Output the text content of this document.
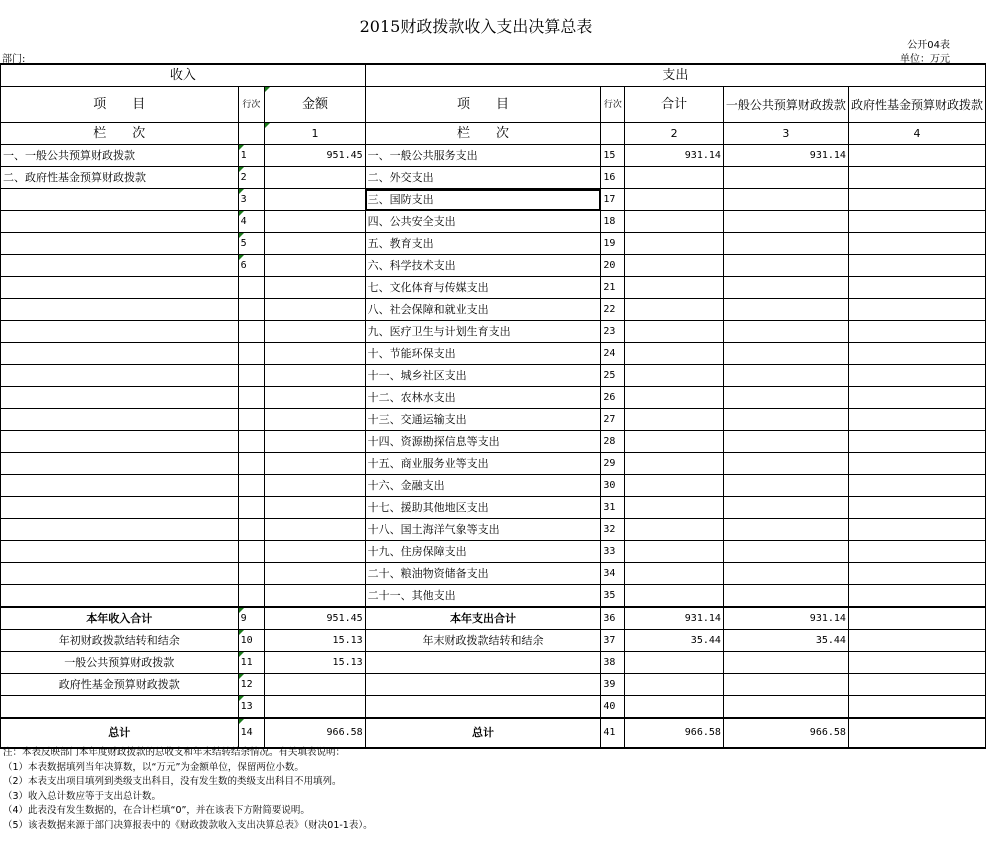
2015财政拨款收入支出决算总表
公开04表
部门:	单位：万元
收入			支出				
项　　目	行次	金额	项　　目	行次	合计	一般公共预算财政拨款	政府性基金预算财政拨款
栏　　次		1	栏　　次		2	3	4
一、一般公共预算财政拨款	1	951.45	一、一般公共服务支出	15	931.14	931.14	
二、政府性基金预算财政拨款	2		二、外交支出	16			
	3		三、国防支出	17			
	4		四、公共安全支出	18			
	5		五、教育支出	19			
	6		六、科学技术支出	20			
			七、文化体育与传媒支出	21			
			八、社会保障和就业支出	22			
			九、医疗卫生与计划生育支出	23			
			十、节能环保支出	24			
			十一、城乡社区支出	25			
			十二、农林水支出	26			
			十三、交通运输支出	27			
			十四、资源勘探信息等支出	28			
			十五、商业服务业等支出	29			
			十六、金融支出	30			
			十七、援助其他地区支出	31			
			十八、国土海洋气象等支出	32			
			十九、住房保障支出	33			
			二十、粮油物资储备支出	34			
			二十一、其他支出	35			
本年收入合计	9	951.45	本年支出合计	36	931.14	931.14	
年初财政拨款结转和结余	10	15.13	年末财政拨款结转和结余	37	35.44	35.44	
一般公共预算财政拨款	11	15.13		38			
政府性基金预算财政拨款	12			39			
	13			40			
总计	14	966.58	总计	41	966.58	966.58	
注：本表反映部门本年度财政拨款的总收支和年末结转结余情况。有关填表说明：
（1）本表数据填列当年决算数，以“万元”为金额单位，保留两位小数。
（2）本表支出项目填列到类级支出科目，没有发生数的类级支出科目不用填列。
（3）收入总计数应等于支出总计数。
（4）此表没有发生数据的，在合计栏填“0”，并在该表下方附简要说明。
（5）该表数据来源于部门决算报表中的《财政拨款收入支出决算总表》（财决01-1表）。
